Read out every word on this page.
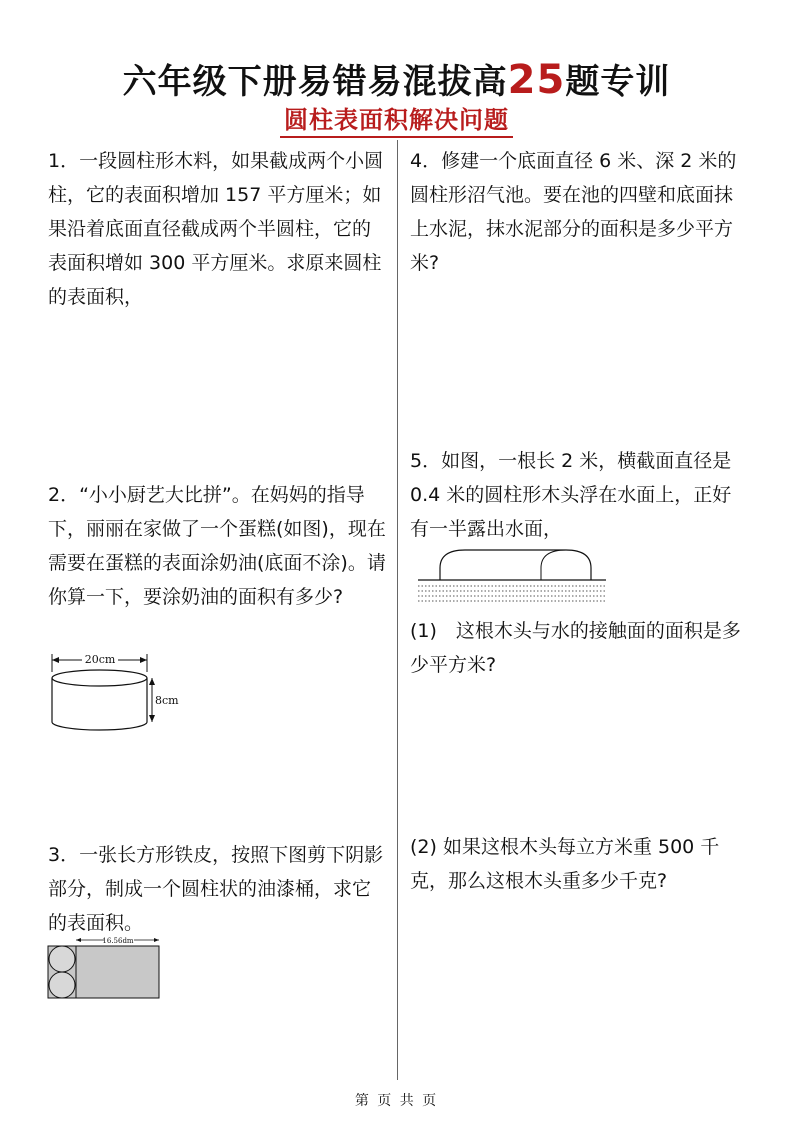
六年级下册易错易混拔高25题专训
圆柱表面积解决问题

1．一段圆柱形木料，如果截成两个小圆柱，它的表面积增加 157 平方厘米；如果沿着底面直径截成两个半圆柱，它的表面积增如 300 平方厘米。求原来圆柱的表面积，

2．“小小厨艺大比拼”。在妈妈的指导下，丽丽在家做了一个蛋糕(如图)，现在需要在蛋糕的表面涂奶油(底面不涂)。请你算一下，要涂奶油的面积有多少?

20cm
8cm

3．一张长方形铁皮，按照下图剪下阴影部分，制成一个圆柱状的油漆桶，求它的表面积。

16.56dm

4．修建一个底面直径 6 米、深 2 米的圆柱形沼气池。要在池的四壁和底面抹上水泥，抹水泥部分的面积是多少平方米?

5．如图，一根长 2 米，横截面直径是 0.4 米的圆柱形木头浮在水面上，正好有一半露出水面，

(1)　这根木头与水的接触面的面积是多少平方米?

(2) 如果这根木头每立方米重 500 千克，那么这根木头重多少千克?

第 页 共 页
